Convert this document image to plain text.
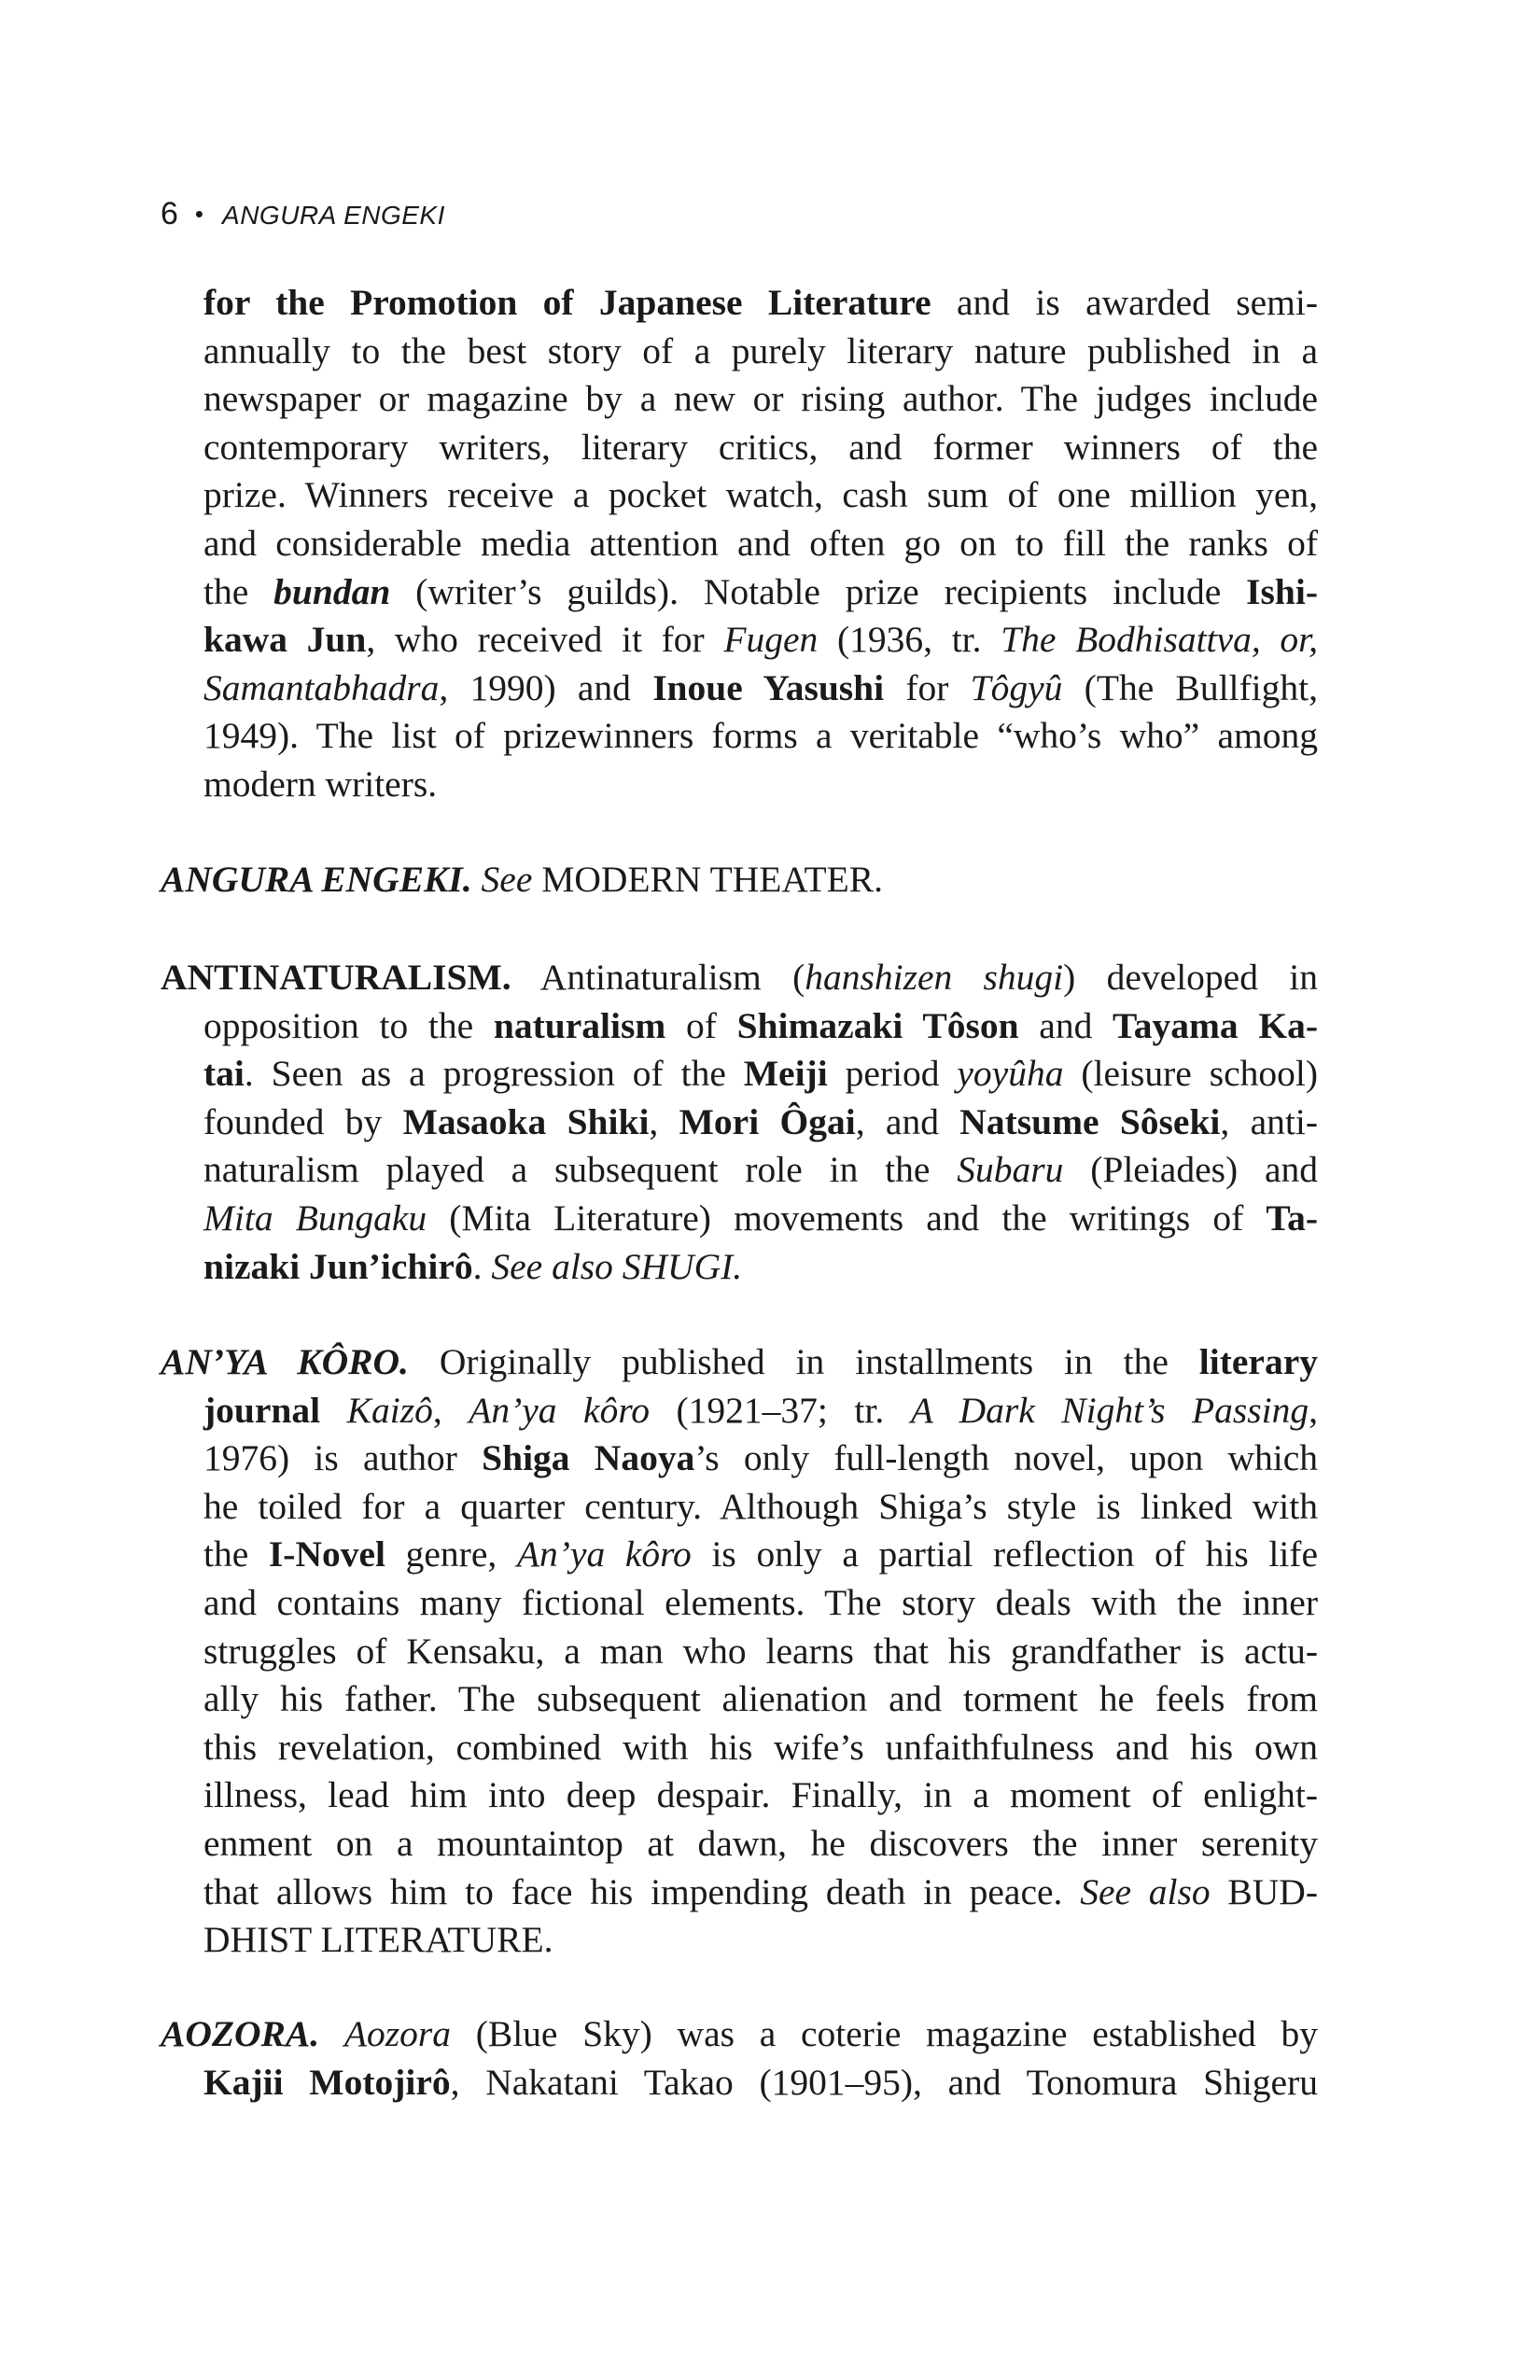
6 • ANGURA ENGEKI
for the Promotion of Japanese Literature and is awarded semi-
annually to the best story of a purely literary nature published in a
newspaper or magazine by a new or rising author. The judges include
contemporary writers, literary critics, and former winners of the
prize. Winners receive a pocket watch, cash sum of one million yen,
and considerable media attention and often go on to fill the ranks of
the bundan (writer’s guilds). Notable prize recipients include Ishi-
kawa Jun, who received it for Fugen (1936, tr. The Bodhisattva, or,
Samantabhadra, 1990) and Inoue Yasushi for Tôgyû (The Bullfight,
1949). The list of prizewinners forms a veritable “who’s who” among
modern writers.
ANGURA ENGEKI. See MODERN THEATER.
ANTINATURALISM. Antinaturalism (hanshizen shugi) developed in
opposition to the naturalism of Shimazaki Tôson and Tayama Ka-
tai. Seen as a progression of the Meiji period yoyûha (leisure school)
founded by Masaoka Shiki, Mori Ôgai, and Natsume Sôseki, anti-
naturalism played a subsequent role in the Subaru (Pleiades) and
Mita Bungaku (Mita Literature) movements and the writings of Ta-
nizaki Jun’ichirô. See also SHUGI.
AN’YA KÔRO. Originally published in installments in the literary
journal Kaizô, An’ya kôro (1921–37; tr. A Dark Night’s Passing,
1976) is author Shiga Naoya’s only full-length novel, upon which
he toiled for a quarter century. Although Shiga’s style is linked with
the I-Novel genre, An’ya kôro is only a partial reflection of his life
and contains many fictional elements. The story deals with the inner
struggles of Kensaku, a man who learns that his grandfather is actu-
ally his father. The subsequent alienation and torment he feels from
this revelation, combined with his wife’s unfaithfulness and his own
illness, lead him into deep despair. Finally, in a moment of enlight-
enment on a mountaintop at dawn, he discovers the inner serenity
that allows him to face his impending death in peace. See also BUD-
DHIST LITERATURE.
AOZORA. Aozora (Blue Sky) was a coterie magazine established by
Kajii Motojirô, Nakatani Takao (1901–95), and Tonomura Shigeru
